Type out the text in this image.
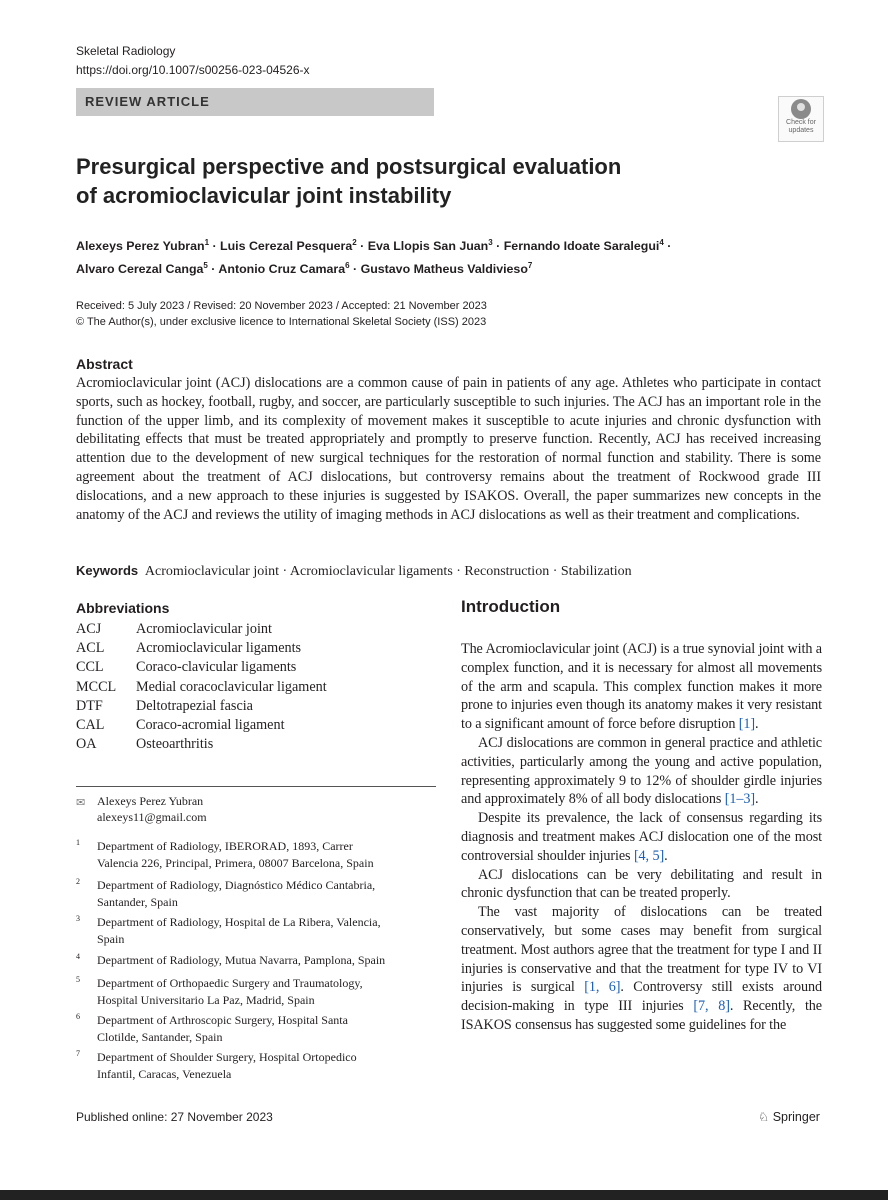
Skeletal Radiology
https://doi.org/10.1007/s00256-023-04526-x
REVIEW ARTICLE
Check for updates
Presurgical perspective and postsurgical evaluation
of acromioclavicular joint instability
Alexeys Perez Yubran$^1$ · Luis Cerezal Pesquera$^2$ · Eva Llopis San Juan$^3$ · Fernando Idoate Saralegui$^4$ ·
Alvaro Cerezal Canga$^5$ · Antonio Cruz Camara$^6$ · Gustavo Matheus Valdivieso$^7$
Received: 5 July 2023 / Revised: 20 November 2023 / Accepted: 21 November 2023
© The Author(s), under exclusive licence to International Skeletal Society (ISS) 2023
Abstract
Acromioclavicular joint (ACJ) dislocations are a common cause of pain in patients of any age. Athletes who participate in contact sports, such as hockey, football, rugby, and soccer, are particularly susceptible to such injuries. The ACJ has an important role in the function of the upper limb, and its complexity of movement makes it susceptible to acute injuries and chronic dysfunction with debilitating effects that must be treated appropriately and promptly to preserve function. Recently, ACJ has received increasing attention due to the development of new surgical techniques for the restoration of normal function and stability. There is some agreement about the treatment of ACJ dislocations, but controversy remains about the treatment of Rockwood grade III dislocations, and a new approach to these injuries is suggested by ISAKOS. Overall, the paper summarizes new concepts in the anatomy of the ACJ and reviews the utility of imaging methods in ACJ dislocations as well as their treatment and complications.
Keywords Acromioclavicular joint · Acromioclavicular ligaments · Reconstruction · Stabilization
Abbreviations
ACJ	Acromioclavicular joint
ACL	Acromioclavicular ligaments
CCL	Coraco-clavicular ligaments
MCCL	Medial coracoclavicular ligament
DTF	Deltotrapezial fascia
CAL	Coraco-acromial ligament
OA	Osteoarthritis
✉ Alexeys Perez Yubran
alexeys11@gmail.com
1 Department of Radiology, IBERORAD, 1893, Carrer
Valencia 226, Principal, Primera, 08007 Barcelona, Spain
2 Department of Radiology, Diagnóstico Médico Cantabria,
Santander, Spain
3 Department of Radiology, Hospital de La Ribera, Valencia,
Spain
4 Department of Radiology, Mutua Navarra, Pamplona, Spain
5 Department of Orthopaedic Surgery and Traumatology,
Hospital Universitario La Paz, Madrid, Spain
6 Department of Arthroscopic Surgery, Hospital Santa
Clotilde, Santander, Spain
7 Department of Shoulder Surgery, Hospital Ortopedico
Infantil, Caracas, Venezuela
Introduction

The Acromioclavicular joint (ACJ) is a true synovial joint with a complex function, and it is necessary for almost all movements of the arm and scapula. This complex function makes it more prone to injuries even though its anatomy makes it very resistant to a significant amount of force before disruption [1].

ACJ dislocations are common in general practice and athletic activities, particularly among the young and active population, representing approximately 9 to 12% of shoulder girdle injuries and approximately 8% of all body dislocations [1–3].

Despite its prevalence, the lack of consensus regarding its diagnosis and treatment makes ACJ dislocation one of the most controversial shoulder injuries [4, 5].

ACJ dislocations can be very debilitating and result in chronic dysfunction that can be treated properly.

The vast majority of dislocations can be treated conservatively, but some cases may benefit from surgical treatment. Most authors agree that the treatment for type I and II injuries is conservative and that the treatment for type IV to VI injuries is surgical [1, 6]. Controversy still exists around decision-making in type III injuries [7, 8]. Recently, the ISAKOS consensus has suggested some guidelines for the

Published online: 27 November 2023	♘ Springer
